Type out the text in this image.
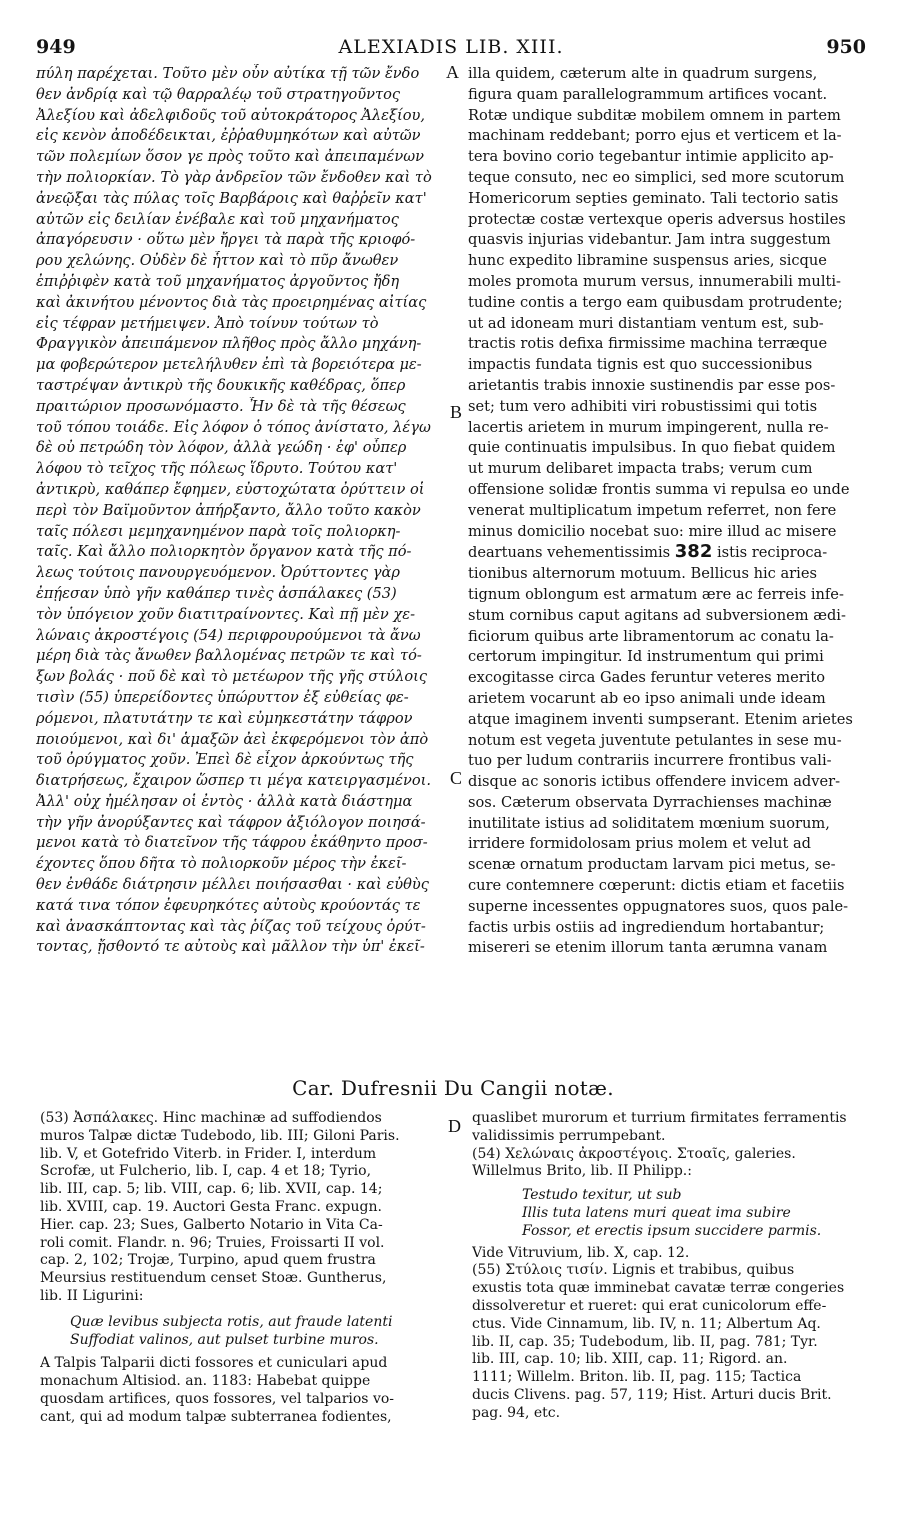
949	ALEXIADIS LIB. XIII.	950
πύλη παρέχεται. Τοῦτο μὲν οὖν αὐτίκα τῇ τῶν ἔνδο
θεν ἀνδρίᾳ καὶ τῷ θαρραλέῳ τοῦ στρατηγοῦντος
Ἀλεξίου καὶ ἀδελφιδοῦς τοῦ αὐτοκράτορος Ἀλεξίου,
εἰς κενὸν ἀποδέδεικται, ἐῤῥαθυμηκότων καὶ αὐτῶν
τῶν πολεμίων ὅσον γε πρὸς τοῦτο καὶ ἀπειπαμένων
τὴν πολιορκίαν. Τὸ γὰρ ἀνδρεῖον τῶν ἔνδοθεν καὶ τὸ
ἀνεῷξαι τὰς πύλας τοῖς Βαρβάροις καὶ θαῤῥεῖν κατ'
αὐτῶν εἰς δειλίαν ἐνέβαλε καὶ τοῦ μηχανήματος
ἀπαγόρευσιν · οὕτω μὲν ἤργει τὰ παρὰ τῆς κριοφό-
ρου χελώνης. Οὐδὲν δὲ ἧττον καὶ τὸ πῦρ ἄνωθεν
ἐπιῤῥιφὲν κατὰ τοῦ μηχανήματος ἀργοῦντος ἤδη
καὶ ἀκινήτου μένοντος διὰ τὰς προειρημένας αἰτίας
εἰς τέφραν μετήμειψεν. Ἀπὸ τοίνυν τούτων τὸ
Φραγγικὸν ἀπειπάμενον πλῆθος πρὸς ἄλλο μηχάνη-
μα φοβερώτερον μετελήλυθεν ἐπὶ τὰ βορειότερα με-
ταστρέψαν ἀντικρὺ τῆς δουκικῆς καθέδρας, ὅπερ
πραιτώριον προσωνόμαστο. Ἦν δὲ τὰ τῆς θέσεως
τοῦ τόπου τοιάδε. Εἰς λόφον ὁ τόπος ἀνίστατο, λέγω
δὲ οὐ πετρώδη τὸν λόφον, ἀλλὰ γεώδη · ἐφ' οὗπερ
λόφου τὸ τεῖχος τῆς πόλεως ἵδρυτο. Τούτου κατ'
ἀντικρὺ, καθάπερ ἔφημεν, εὐστοχώτατα ὀρύττειν οἱ
περὶ τὸν Βαϊμοῦντον ἀπήρξαντο, ἄλλο τοῦτο κακὸν
ταῖς πόλεσι μεμηχανημένον παρὰ τοῖς πολιορκη-
ταῖς. Καὶ ἄλλο πολιορκητὸν ὄργανον κατὰ τῆς πό-
λεως τούτοις πανουργευόμενον. Ὀρύττοντες γὰρ
ἐπῄεσαν ὑπὸ γῆν καθάπερ τινὲς ἀσπάλακες (53)
τὸν ὑπόγειον χοῦν διατιτραίνοντες. Καὶ πῇ μὲν χε-
λώναις ἀκροστέγοις (54) περιφρουρούμενοι τὰ ἄνω
μέρη διὰ τὰς ἄνωθεν βαλλομένας πετρῶν τε καὶ τό-
ξων βολάς · ποῦ δὲ καὶ τὸ μετέωρον τῆς γῆς στύλοις
τισὶν (55) ὑπερείδοντες ὑπώρυττον ἐξ εὐθείας φε-
ρόμενοι, πλατυτάτην τε καὶ εὐμηκεστάτην τάφρον
ποιούμενοι, καὶ δι' ἁμαξῶν ἀεὶ ἐκφερόμενοι τὸν ἀπὸ
τοῦ ὀρύγματος χοῦν. Ἐπεὶ δὲ εἶχον ἀρκούντως τῆς
διατρήσεως, ἔχαιρον ὥσπερ τι μέγα κατειργασμένοι.
Ἀλλ' οὐχ ἠμέλησαν οἱ ἐντὸς · ἀλλὰ κατὰ διάστημα
τὴν γῆν ἀνορύξαντες καὶ τάφρον ἀξιόλογον ποιησά-
μενοι κατὰ τὸ διατεῖνον τῆς τάφρου ἐκάθηντο προσ-
έχοντες ὅπου δῆτα τὸ πολιορκοῦν μέρος τὴν ἐκεῖ-
θεν ἐνθάδε διάτρησιν μέλλει ποιήσασθαι · καὶ εὐθὺς
κατά τινα τόπον ἐφευρηκότες αὐτοὺς κρούοντάς τε
καὶ ἀνασκάπτοντας καὶ τὰς ῥίζας τοῦ τείχους ὀρύτ-
τοντας, ᾔσθοντό τε αὐτοὺς καὶ μᾶλλον τὴν ὑπ' ἐκεῖ-
illa quidem, cæterum alte in quadrum surgens,
figura quam parallelogrammum artifices vocant.
Rotæ undique subditæ mobilem omnem in partem
machinam reddebant; porro ejus et verticem et la-
tera bovino corio tegebantur intimie applicito ap-
teque consuto, nec eo simplici, sed more scutorum
Homericorum septies geminato. Tali tectorio satis
protectæ costæ vertexque operis adversus hostiles
quasvis injurias videbantur. Jam intra suggestum
hunc expedito libramine suspensus aries, sicque
moles promota murum versus, innumerabili multi-
tudine contis a tergo eam quibusdam protrudente;
ut ad idoneam muri distantiam ventum est, sub-
tractis rotis defixa firmissime machina terræque
impactis fundata tignis est quo successionibus
arietantis trabis innoxie sustinendis par esse pos-
set; tum vero adhibiti viri robustissimi qui totis
lacertis arietem in murum impingerent, nulla re-
quie continuatis impulsibus. In quo fiebat quidem
ut murum delibaret impacta trabs; verum cum
offensione solidæ frontis summa vi repulsa eo unde
venerat multiplicatum impetum referret, non fere
minus domicilio nocebat suo: mire illud ac misere
deartuans vehementissimis 382 istis reciproca-
tionibus alternorum motuum. Bellicus hic aries
tignum oblongum est armatum ære ac ferreis infe-
stum cornibus caput agitans ad subversionem ædi-
ficiorum quibus arte libramentorum ac conatu la-
certorum impingitur. Id instrumentum qui primi
excogitasse circa Gades feruntur veteres merito
arietem vocarunt ab eo ipso animali unde ideam
atque imaginem inventi sumpserant. Etenim arietes
notum est vegeta juventute petulantes in sese mu-
tuo per ludum contrariis incurrere frontibus vali-
disque ac sonoris ictibus offendere invicem adver-
sos. Cæterum observata Dyrrachienses machinæ
inutilitate istius ad soliditatem mœnium suorum,
irridere formidolosam prius molem et velut ad
scenæ ornatum productam larvam pici metus, se-
cure contemnere cœperunt: dictis etiam et facetiis
superne incessentes oppugnatores suos, quos pale-
factis urbis ostiis ad ingrediendum hortabantur;
misereri se etenim illorum tanta ærumna vanam
A
B
C
D
Car. Dufresnii Du Cangii notæ.
(53) Ἀσπάλακες. Hinc machinæ ad suffodiendos
muros Talpæ dictæ Tudebodo, lib. III; Giloni Paris.
lib. V, et Gotefrido Viterb. in Frider. I, interdum
Scrofæ, ut Fulcherio, lib. I, cap. 4 et 18; Tyrio,
lib. III, cap. 5; lib. VIII, cap. 6; lib. XVII, cap. 14;
lib. XVIII, cap. 19. Auctori Gesta Franc. expugn.
Hier. cap. 23; Sues, Galberto Notario in Vita Ca-
roli comit. Flandr. n. 96; Truies, Froissarti II vol.
cap. 2, 102; Trojæ, Turpino, apud quem frustra
Meursius restituendum censet Stoæ. Guntherus,
lib. II Ligurini:

Quæ levibus subjecta rotis, aut fraude latenti
Suffodiat valinos, aut pulset turbine muros.
A Talpis Talparii dicti fossores et cuniculari apud
monachum Altisiod. an. 1183: Habebat quippe
quosdam artifices, quos fossores, vel talparios vo-
cant, qui ad modum talpæ subterranea fodientes,
quaslibet murorum et turrium firmitates ferramentis
validissimis perrumpebant.
(54) Χελώναις ἀκροστέγοις. Στοαῖς, galeries.
Willelmus Brito, lib. II Philipp.:
Testudo texitur, ut sub
Illis tuta latens muri queat ima subire
Fossor, et erectis ipsum succidere parmis.
Vide Vitruvium, lib. X, cap. 12.
(55) Στύλοις τισίν. Lignis et trabibus, quibus
exustis tota quæ imminebat cavatæ terræ congeries
dissolveretur et rueret: qui erat cunicolorum effe-
ctus. Vide Cinnamum, lib. IV, n. 11; Albertum Aq.
lib. II, cap. 35; Tudebodum, lib. II, pag. 781; Tyr.
lib. III, cap. 10; lib. XIII, cap. 11; Rigord. an.
1111; Willelm. Briton. lib. II, pag. 115; Tactica
ducis Clivens. pag. 57, 119; Hist. Arturi ducis Brit.
pag. 94, etc.
